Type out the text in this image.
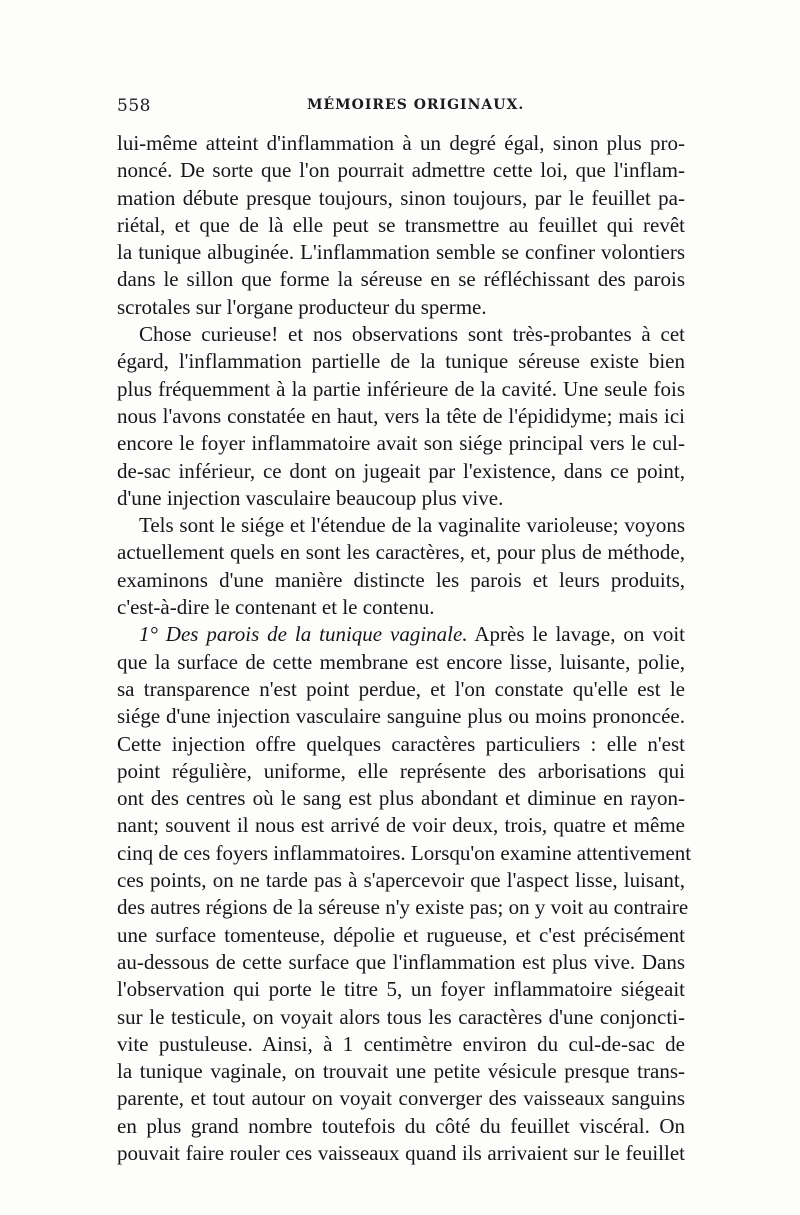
558	MÉMOIRES ORIGINAUX.
lui-même atteint d'inflammation à un degré égal, sinon plus pro-
noncé. De sorte que l'on pourrait admettre cette loi, que l'inflam-
mation débute presque toujours, sinon toujours, par le feuillet pa-
riétal, et que de là elle peut se transmettre au feuillet qui revêt
la tunique albuginée. L'inflammation semble se confiner volontiers
dans le sillon que forme la séreuse en se réfléchissant des parois
scrotales sur l'organe producteur du sperme.
Chose curieuse! et nos observations sont très-probantes à cet
égard, l'inflammation partielle de la tunique séreuse existe bien
plus fréquemment à la partie inférieure de la cavité. Une seule fois
nous l'avons constatée en haut, vers la tête de l'épididyme; mais ici
encore le foyer inflammatoire avait son siége principal vers le cul-
de-sac inférieur, ce dont on jugeait par l'existence, dans ce point,
d'une injection vasculaire beaucoup plus vive.
Tels sont le siége et l'étendue de la vaginalite varioleuse; voyons
actuellement quels en sont les caractères, et, pour plus de méthode,
examinons d'une manière distincte les parois et leurs produits,
c'est-à-dire le contenant et le contenu.
1° Des parois de la tunique vaginale. Après le lavage, on voit
que la surface de cette membrane est encore lisse, luisante, polie,
sa transparence n'est point perdue, et l'on constate qu'elle est le
siége d'une injection vasculaire sanguine plus ou moins prononcée.
Cette injection offre quelques caractères particuliers : elle n'est
point régulière, uniforme, elle représente des arborisations qui
ont des centres où le sang est plus abondant et diminue en rayon-
nant; souvent il nous est arrivé de voir deux, trois, quatre et même
cinq de ces foyers inflammatoires. Lorsqu'on examine attentivement
ces points, on ne tarde pas à s'apercevoir que l'aspect lisse, luisant,
des autres régions de la séreuse n'y existe pas; on y voit au contraire
une surface tomenteuse, dépolie et rugueuse, et c'est précisément
au-dessous de cette surface que l'inflammation est plus vive. Dans
l'observation qui porte le titre 5, un foyer inflammatoire siégeait
sur le testicule, on voyait alors tous les caractères d'une conjoncti-
vite pustuleuse. Ainsi, à 1 centimètre environ du cul-de-sac de
la tunique vaginale, on trouvait une petite vésicule presque trans-
parente, et tout autour on voyait converger des vaisseaux sanguins
en plus grand nombre toutefois du côté du feuillet viscéral. On
pouvait faire rouler ces vaisseaux quand ils arrivaient sur le feuillet
